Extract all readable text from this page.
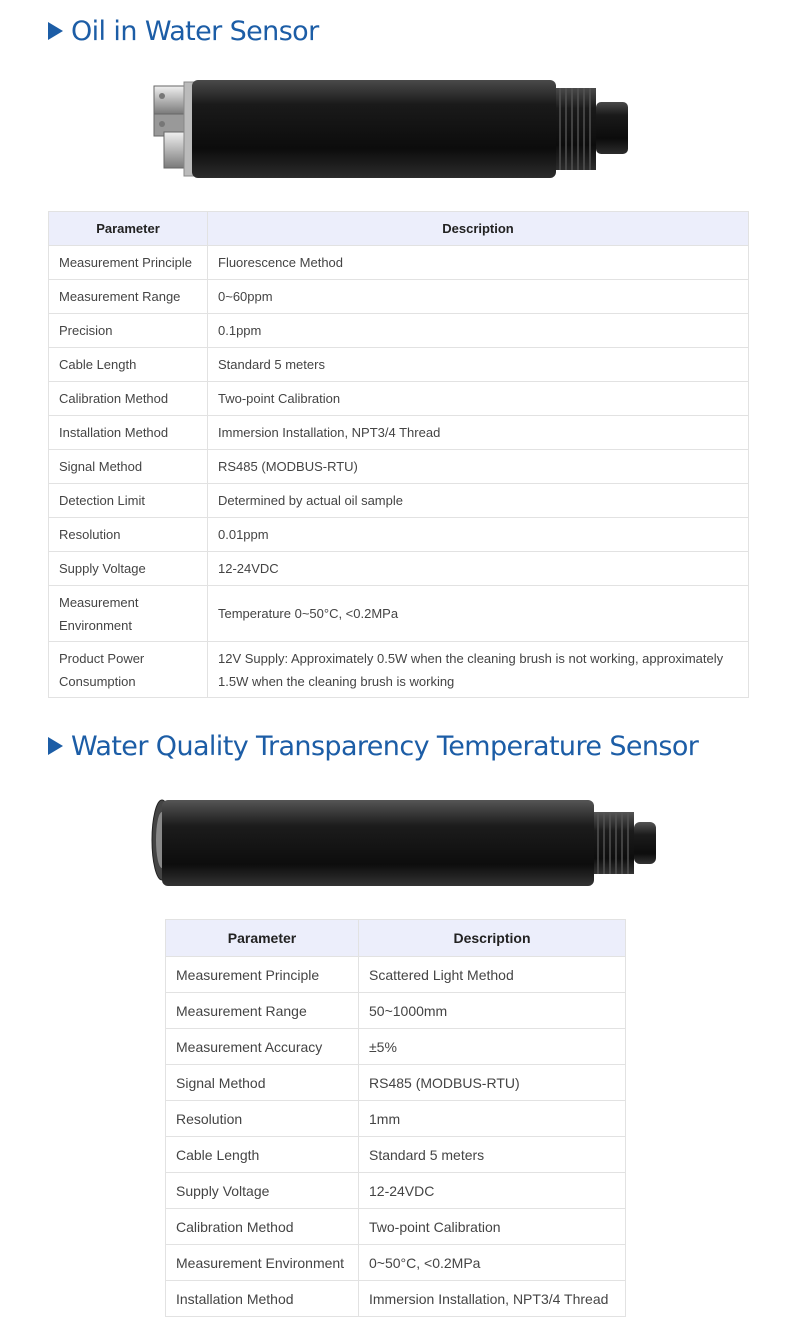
Oil in Water Sensor
Parameter	Description
Measurement Principle	Fluorescence Method
Measurement Range	0~60ppm
Precision	0.1ppm
Cable Length	Standard 5 meters
Calibration Method	Two-point Calibration
Installation Method	Immersion Installation, NPT3/4 Thread
Signal Method	RS485 (MODBUS-RTU)
Detection Limit	Determined by actual oil sample
Resolution	0.01ppm
Supply Voltage	12-24VDC
Measurement Environment	Temperature 0~50°C, <0.2MPa
Product Power Consumption	12V Supply: Approximately 0.5W when the cleaning brush is not working, approximately 1.5W when the cleaning brush is working
Water Quality Transparency Temperature Sensor
Parameter	Description
Measurement Principle	Scattered Light Method
Measurement Range	50~1000mm
Measurement Accuracy	±5%
Signal Method	RS485 (MODBUS-RTU)
Resolution	1mm
Cable Length	Standard 5 meters
Supply Voltage	12-24VDC
Calibration Method	Two-point Calibration
Measurement Environment	0~50°C, <0.2MPa
Installation Method	Immersion Installation, NPT3/4 Thread
